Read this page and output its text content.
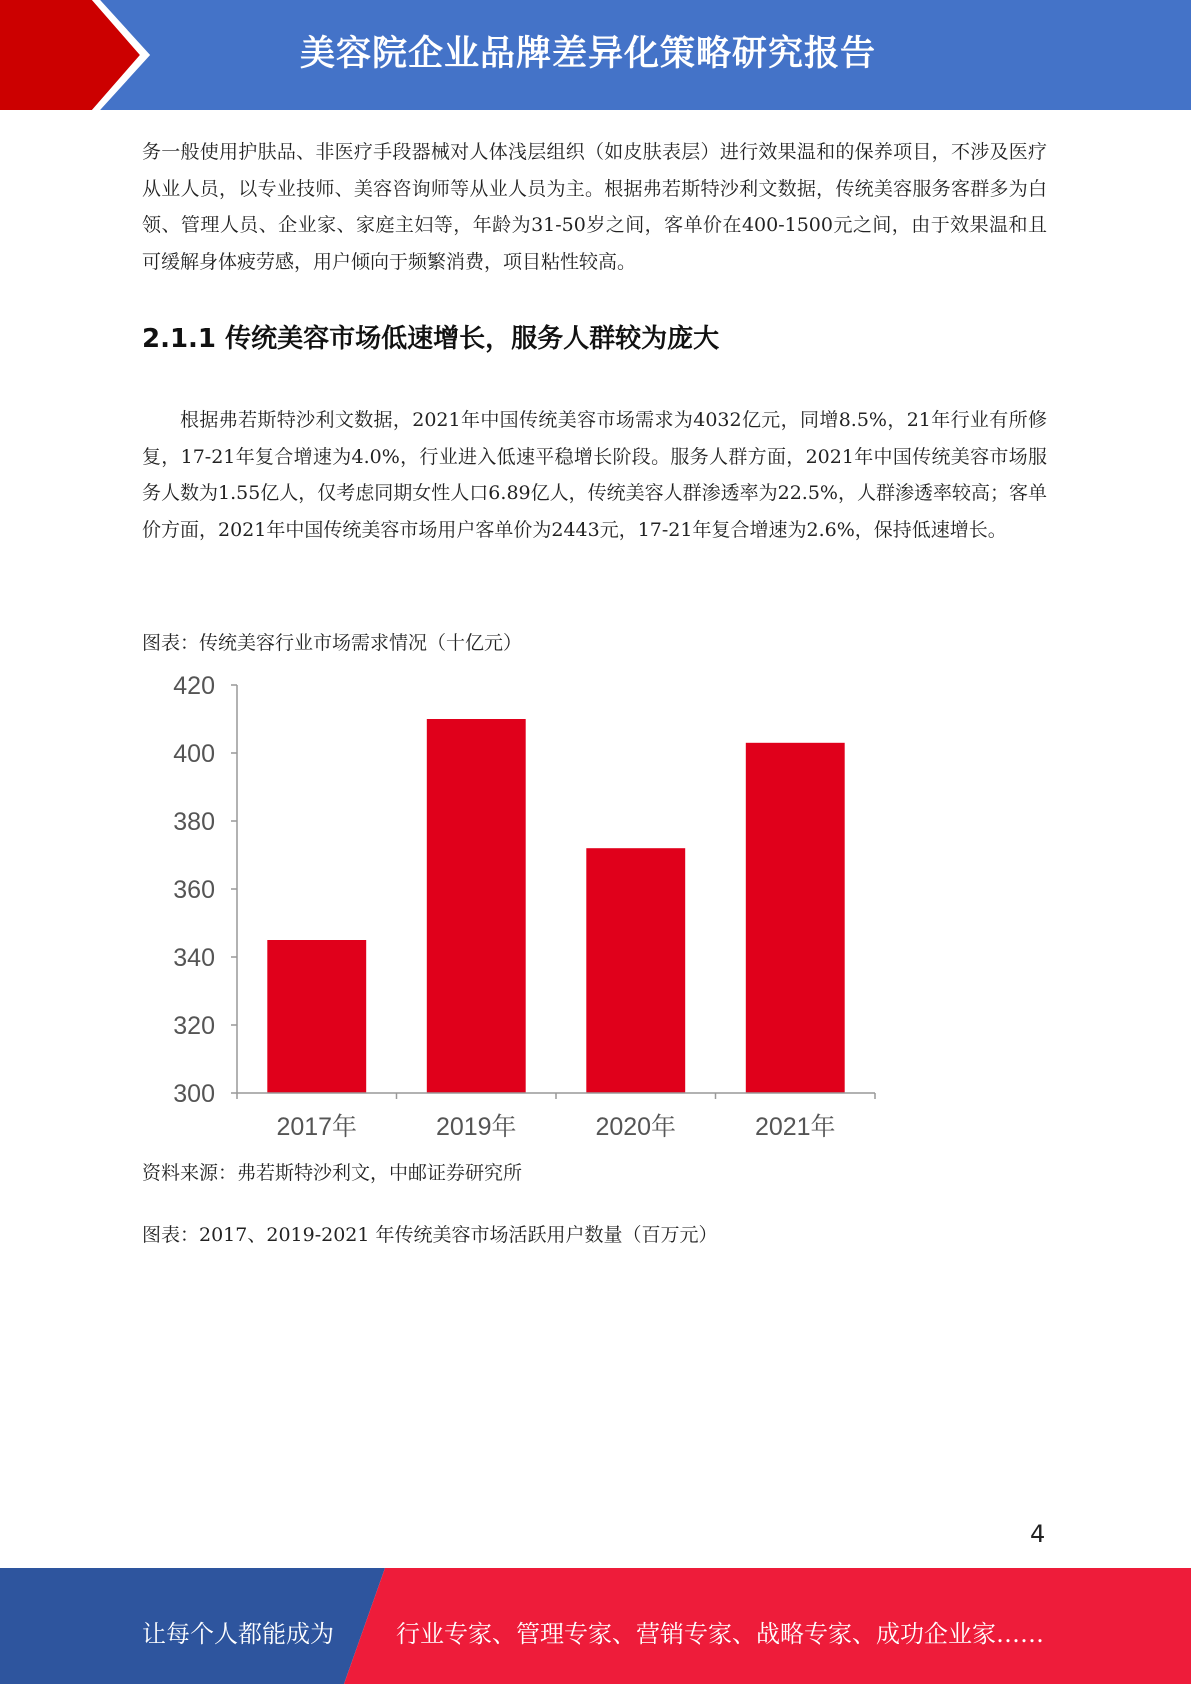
美容院企业品牌差异化策略研究报告

务一般使用护肤品、非医疗手段器械对人体浅层组织（如皮肤表层）进行效果温和的保养项目，不涉及医疗从业人员，以专业技师、美容咨询师等从业人员为主。根据弗若斯特沙利文数据，传统美容服务客群多为白领、管理人员、企业家、家庭主妇等，年龄为31-50岁之间，客单价在400-1500元之间，由于效果温和且可缓解身体疲劳感，用户倾向于频繁消费，项目粘性较高。

2.1.1 传统美容市场低速增长，服务人群较为庞大

根据弗若斯特沙利文数据，2021年中国传统美容市场需求为4032亿元，同增8.5%，21年行业有所修复，17-21年复合增速为4.0%，行业进入低速平稳增长阶段。服务人群方面，2021年中国传统美容市场服务人数为1.55亿人，仅考虑同期女性人口6.89亿人，传统美容人群渗透率为22.5%，人群渗透率较高；客单价方面，2021年中国传统美容市场用户客单价为2443元，17-21年复合增速为2.6%，保持低速增长。

图表：传统美容行业市场需求情况（十亿元）

300
320
340
360
380
400
420
2017年	2019年	2020年	2021年

资料来源：弗若斯特沙利文，中邮证券研究所

图表：2017、2019-2021 年传统美容市场活跃用户数量（百万元）

4
让每个人都能成为	行业专家、管理专家、营销专家、战略专家、成功企业家……
